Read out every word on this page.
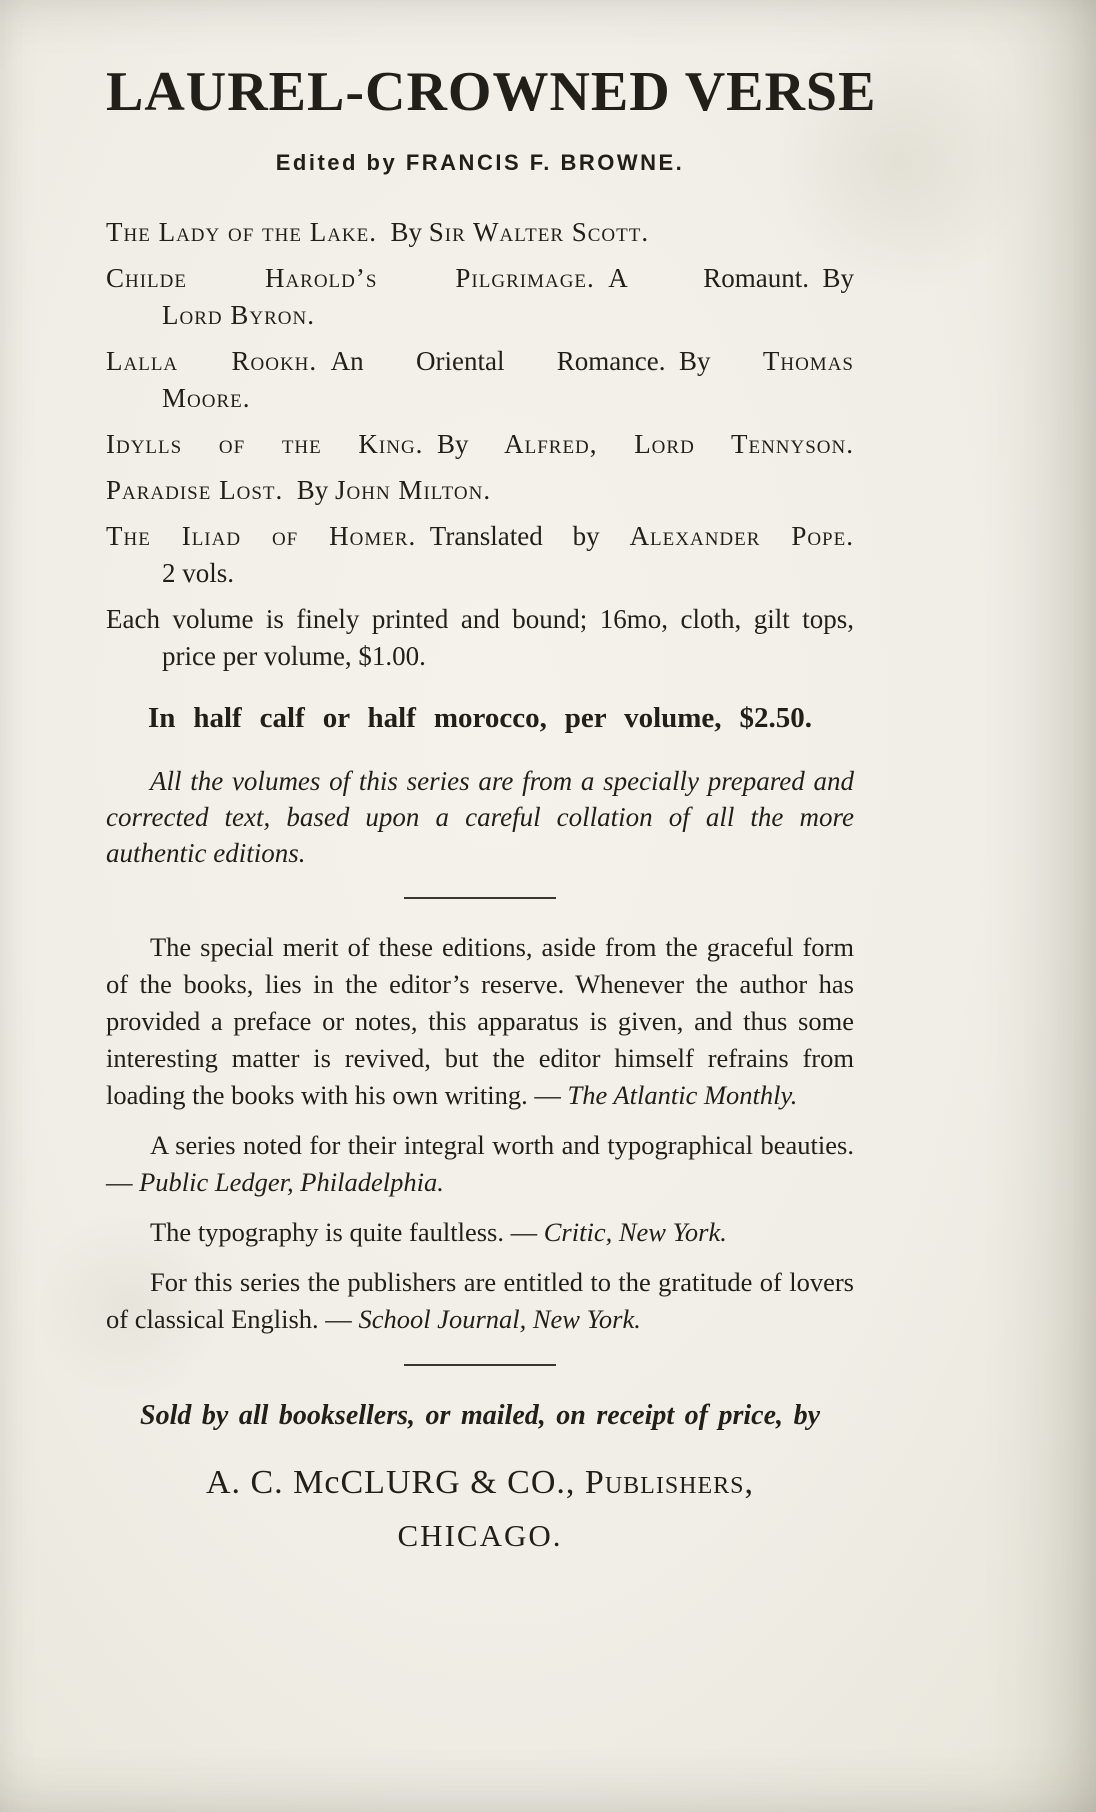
LAUREL-CROWNED VERSE
Edited by FRANCIS F. BROWNE.
The Lady of the Lake. By Sir Walter Scott.
Childe Harold’s Pilgrimage. A Romaunt. By
Lord Byron.
Lalla Rookh. An Oriental Romance. By Thomas
Moore.
Idylls of the King. By Alfred, Lord Tennyson.
Paradise Lost. By John Milton.
The Iliad of Homer. Translated by Alexander Pope.
2 vols.
Each volume is finely printed and bound; 16mo, cloth, gilt tops,
price per volume, $1.00.
In half calf or half morocco, per volume, $2.50.
All the volumes of this series are from a specially prepared and corrected text, based upon a careful collation of all the more authentic editions.
The special merit of these editions, aside from the graceful form of the books, lies in the editor’s reserve. Whenever the author has provided a preface or notes, this apparatus is given, and thus some interesting matter is revived, but the editor himself refrains from loading the books with his own writing. — The Atlantic Monthly.
A series noted for their integral worth and typographical beauties. — Public Ledger, Philadelphia.
The typography is quite faultless. — Critic, New York.
For this series the publishers are entitled to the gratitude of lovers of classical English. — School Journal, New York.
Sold by all booksellers, or mailed, on receipt of price, by
A. C. McCLURG & CO., Publishers,
CHICAGO.
